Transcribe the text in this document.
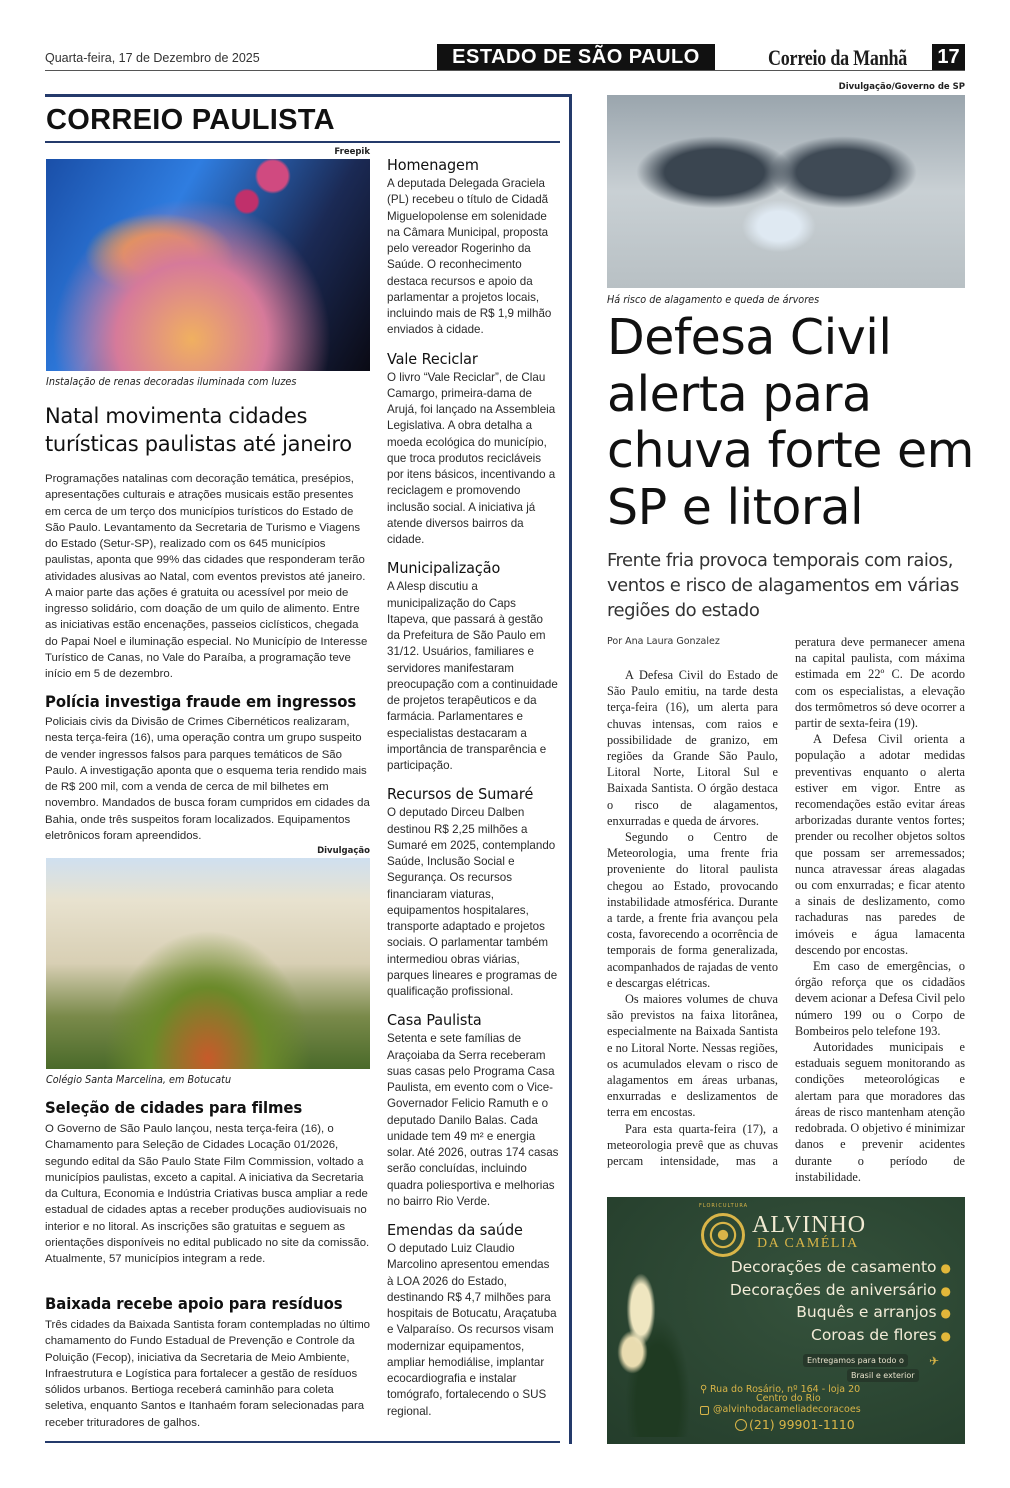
Quarta-feira, 17 de Dezembro de 2025	ESTADO DE SÃO PAULO	Correio da Manhã 17
CORREIO PAULISTA
Freepik
Instalação de renas decoradas iluminada com luzes
Natal movimenta cidades turísticas paulistas até janeiro
Programações natalinas com decoração temática, presépios, apresentações culturais e atrações musicais estão presentes em cerca de um terço dos municípios turísticos do Estado de São Paulo. Levantamento da Secretaria de Turismo e Viagens do Estado (Setur-SP), realizado com os 645 municípios paulistas, aponta que 99% das cidades que responderam terão atividades alusivas ao Natal, com eventos previstos até janeiro. A maior parte das ações é gratuita ou acessível por meio de ingresso solidário, com doação de um quilo de alimento. Entre as iniciativas estão encenações, passeios ciclísticos, chegada do Papai Noel e iluminação especial. No Município de Interesse Turístico de Canas, no Vale do Paraíba, a programação teve início em 5 de dezembro.
Polícia investiga fraude em ingressos
Policiais civis da Divisão de Crimes Cibernéticos realizaram, nesta terça-feira (16), uma operação contra um grupo suspeito de vender ingressos falsos para parques temáticos de São Paulo. A investigação aponta que o esquema teria rendido mais de R$ 200 mil, com a venda de cerca de mil bilhetes em novembro. Mandados de busca foram cumpridos em cidades da Bahia, onde três suspeitos foram localizados. Equipamentos eletrônicos foram apreendidos.
Divulgação
Colégio Santa Marcelina, em Botucatu
Seleção de cidades para filmes
O Governo de São Paulo lançou, nesta terça-feira (16), o Chamamento para Seleção de Cidades Locação 01/2026, segundo edital da São Paulo State Film Commission, voltado a municípios paulistas, exceto a capital. A iniciativa da Secretaria da Cultura, Economia e Indústria Criativas busca ampliar a rede estadual de cidades aptas a receber produções audiovisuais no interior e no litoral. As inscrições são gratuitas e seguem as orientações disponíveis no edital publicado no site da comissão. Atualmente, 57 municípios integram a rede.
Baixada recebe apoio para resíduos
Três cidades da Baixada Santista foram contempladas no último chamamento do Fundo Estadual de Prevenção e Controle da Poluição (Fecop), iniciativa da Secretaria de Meio Ambiente, Infraestrutura e Logística para fortalecer a gestão de resíduos sólidos urbanos. Bertioga receberá caminhão para coleta seletiva, enquanto Santos e Itanhaém foram selecionadas para receber trituradores de galhos.
Homenagem
A deputada Delegada Graciela (PL) recebeu o título de Cidadã Miguelopolense em solenidade na Câmara Municipal, proposta pelo vereador Rogerinho da Saúde. O reconhecimento destaca recursos e apoio da parlamentar a projetos locais, incluindo mais de R$ 1,9 milhão enviados à cidade.
Vale Reciclar
O livro “Vale Reciclar”, de Clau Camargo, primeira-dama de Arujá, foi lançado na Assembleia Legislativa. A obra detalha a moeda ecológica do município, que troca produtos recicláveis por itens básicos, incentivando a reciclagem e promovendo inclusão social. A iniciativa já atende diversos bairros da cidade.
Municipalização
A Alesp discutiu a municipalização do Caps Itapeva, que passará à gestão da Prefeitura de São Paulo em 31/12. Usuários, familiares e servidores manifestaram preocupação com a continuidade de projetos terapêuticos e da farmácia. Parlamentares e especialistas destacaram a importância de transparência e participação.
Recursos de Sumaré
O deputado Dirceu Dalben destinou R$ 2,25 milhões a Sumaré em 2025, contemplando Saúde, Inclusão Social e Segurança. Os recursos financiaram viaturas, equipamentos hospitalares, transporte adaptado e projetos sociais. O parlamentar também intermediou obras viárias, parques lineares e programas de qualificação profissional.
Casa Paulista
Setenta e sete famílias de Araçoiaba da Serra receberam suas casas pelo Programa Casa Paulista, em evento com o Vice-Governador Felicio Ramuth e o deputado Danilo Balas. Cada unidade tem 49 m² e energia solar. Até 2026, outras 174 casas serão concluídas, incluindo quadra poliesportiva e melhorias no bairro Rio Verde.
Emendas da saúde
O deputado Luiz Claudio Marcolino apresentou emendas à LOA 2026 do Estado, destinando R$ 4,7 milhões para hospitais de Botucatu, Araçatuba e Valparaíso. Os recursos visam modernizar equipamentos, ampliar hemodiálise, implantar ecocardiografia e instalar tomógrafo, fortalecendo o SUS regional.
Divulgação/Governo de SP
Há risco de alagamento e queda de árvores
Defesa Civil alerta para chuva forte em SP e litoral
Frente fria provoca temporais com raios, ventos e risco de alagamentos em várias regiões do estado
Por Ana Laura Gonzalez

A Defesa Civil do Estado de São Paulo emitiu, na tarde desta terça-feira (16), um alerta para chuvas intensas, com raios e possibilidade de granizo, em regiões da Grande São Paulo, Litoral Norte, Litoral Sul e Baixada Santista. O órgão destaca o risco de alagamentos, enxurradas e queda de árvores.

Segundo o Centro de Meteorologia, uma frente fria proveniente do litoral paulista chegou ao Estado, provocando instabilidade atmosférica. Durante a tarde, a frente fria avançou pela costa, favorecendo a ocorrência de temporais de forma generalizada, acompanhados de rajadas de vento e descargas elétricas.

Os maiores volumes de chuva são previstos na faixa litorânea, especialmente na Baixada Santista e no Litoral Norte. Nessas regiões, os acumulados elevam o risco de alagamentos em áreas urbanas, enxurradas e deslizamentos de terra em encostas.

Para esta quarta-feira (17), a meteorologia prevê que as chuvas percam intensidade, mas a

peratura deve permanecer amena na capital paulista, com máxima estimada em 22º C. De acordo com os especialistas, a elevação dos termômetros só deve ocorrer a partir de sexta-feira (19).

A Defesa Civil orienta a população a adotar medidas preventivas enquanto o alerta estiver em vigor. Entre as recomendações estão evitar áreas arborizadas durante ventos fortes; prender ou recolher objetos soltos que possam ser arremessados; nunca atravessar áreas alagadas ou com enxurradas; e ficar atento a sinais de deslizamento, como rachaduras nas paredes de imóveis e água lamacenta descendo por encostas.

Em caso de emergências, o órgão reforça que os cidadãos devem acionar a Defesa Civil pelo número 199 ou o Corpo de Bombeiros pelo telefone 193.

Autoridades municipais e estaduais seguem monitorando as condições meteorológicas e alertam para que moradores das áreas de risco mantenham atenção redobrada. O objetivo é minimizar danos e prevenir acidentes durante o período de instabilidade.

FLORICULTURA
ALVINHO
DA CAMÉLIA
Decorações de casamento ●
Decorações de aniversário ●
Buquês e arranjos ●
Coroas de flores ●
Entregamos para todo o
Brasil e exterior
✈
⚲ Rua do Rosário, nº 164 - loja 20
Centro do Rio
@alvinhodacameliadecoracoes
(21) 99901-1110
